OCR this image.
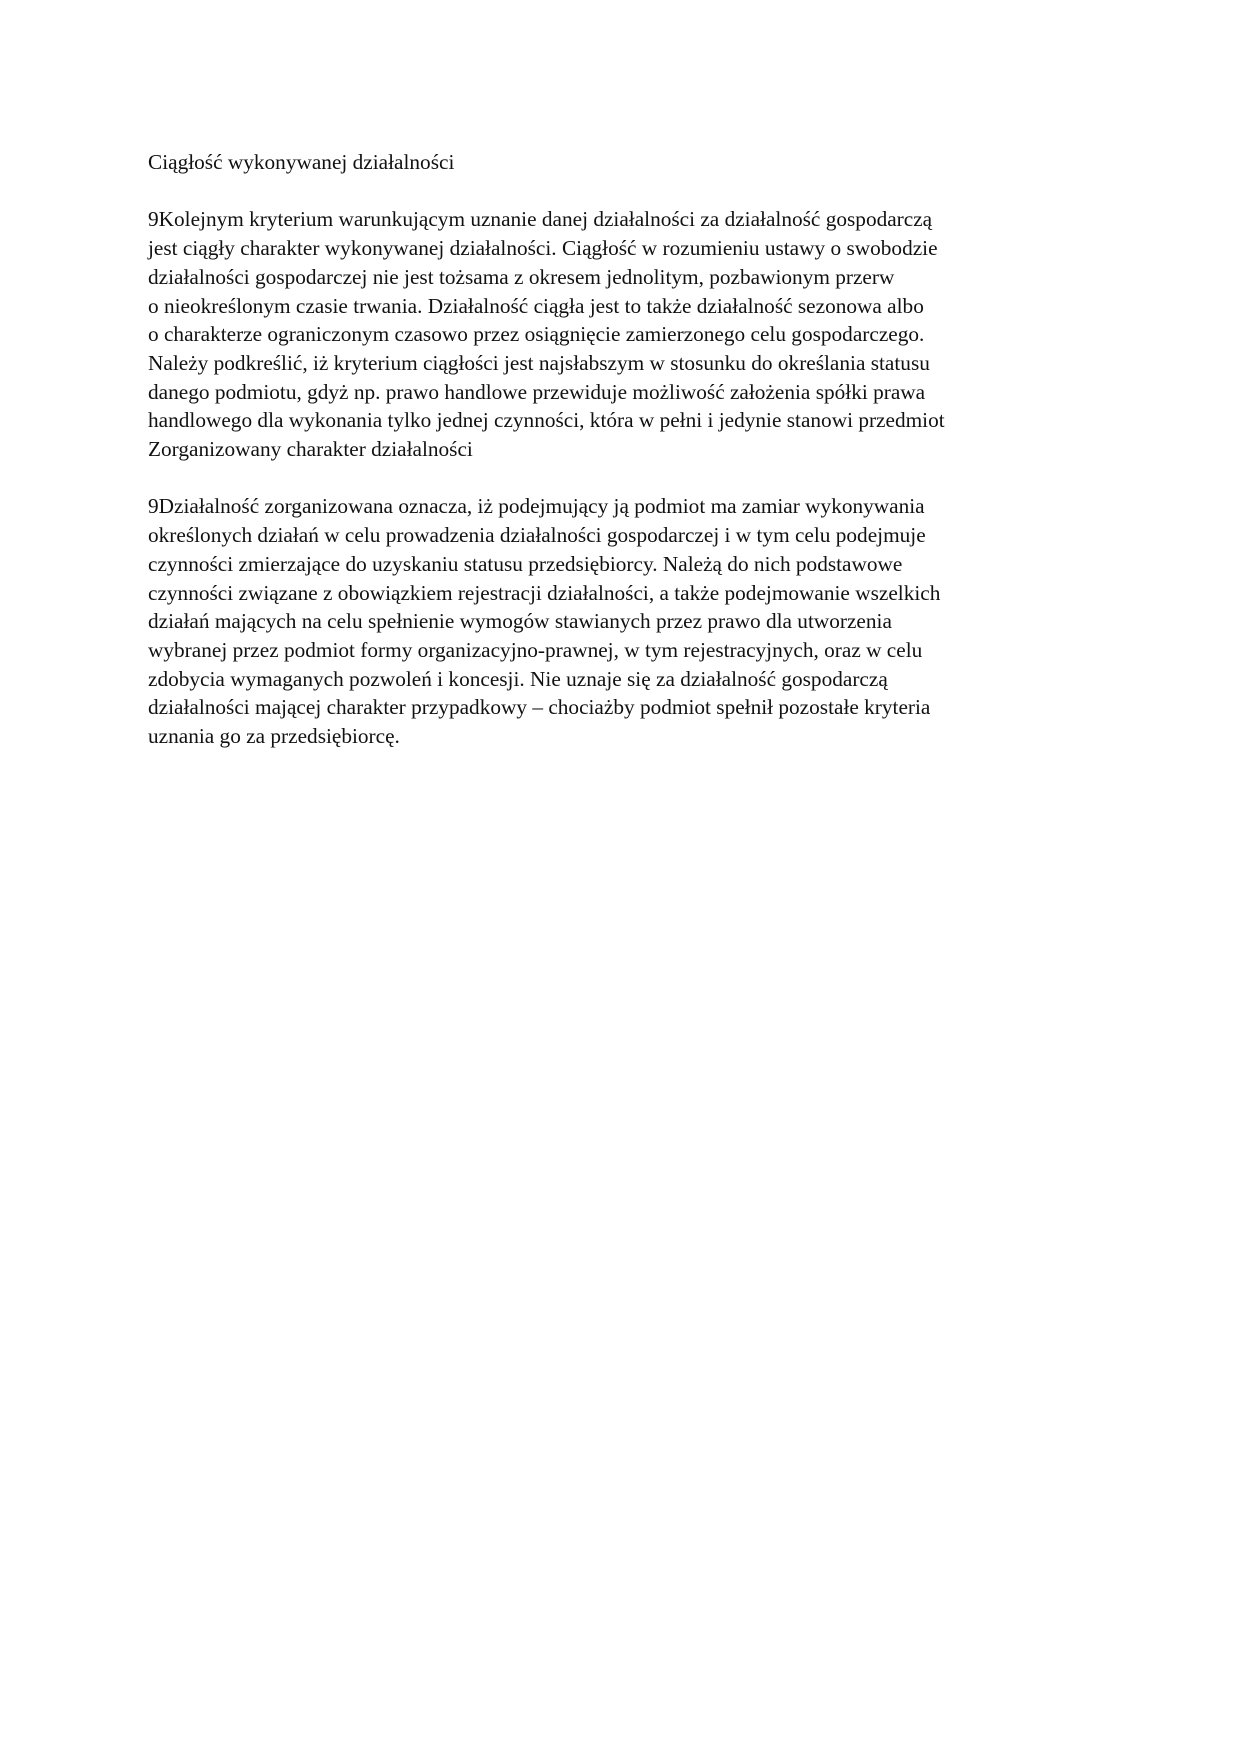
Ciągłość wykonywanej działalności

9Kolejnym kryterium warunkującym uznanie danej działalności za działalność gospodarczą
jest ciągły charakter wykonywanej działalności. Ciągłość w rozumieniu ustawy o swobodzie
działalności gospodarczej nie jest tożsama z okresem jednolitym, pozbawionym przerw
o nieokreślonym czasie trwania. Działalność ciągła jest to także działalność sezonowa albo
o charakterze ograniczonym czasowo przez osiągnięcie zamierzonego celu gospodarczego.
Należy podkreślić, iż kryterium ciągłości jest najsłabszym w stosunku do określania statusu
danego podmiotu, gdyż np. prawo handlowe przewiduje możliwość założenia spółki prawa
handlowego dla wykonania tylko jednej czynności, która w pełni i jedynie stanowi przedmiot
Zorganizowany charakter działalności
9Działalność zorganizowana oznacza, iż podejmujący ją podmiot ma zamiar wykonywania
określonych działań w celu prowadzenia działalności gospodarczej i w tym celu podejmuje
czynności zmierzające do uzyskaniu statusu przedsiębiorcy. Należą do nich podstawowe
czynności związane z obowiązkiem rejestracji działalności, a także podejmowanie wszelkich
działań mających na celu spełnienie wymogów stawianych przez prawo dla utworzenia
wybranej przez podmiot formy organizacyjno-prawnej, w tym rejestracyjnych, oraz w celu
zdobycia wymaganych pozwoleń i koncesji. Nie uznaje się za działalność gospodarczą
działalności mającej charakter przypadkowy – chociażby podmiot spełnił pozostałe kryteria
uznania go za przedsiębiorcę.
